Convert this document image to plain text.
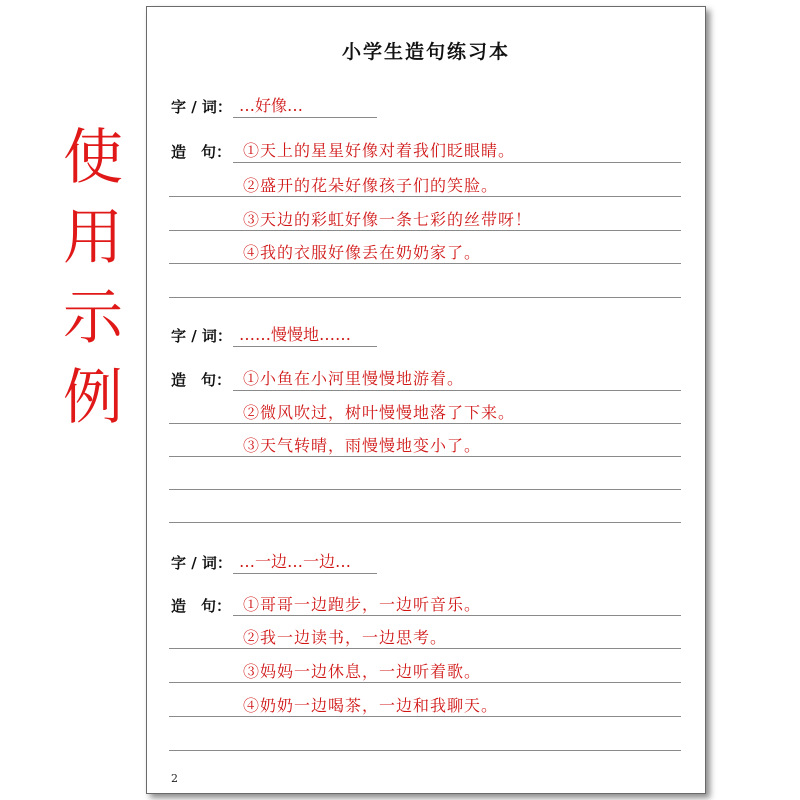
使
用
示
例
小学生造句练习本
字 / 词： …好像…
造　句： ①天上的星星好像对着我们眨眼睛。
②盛开的花朵好像孩子们的笑脸。
③天边的彩虹好像一条七彩的丝带呀！
④我的衣服好像丢在奶奶家了。
字 / 词： ……慢慢地……
造　句： ①小鱼在小河里慢慢地游着。
②微风吹过，树叶慢慢地落了下来。
③天气转晴，雨慢慢地变小了。
字 / 词： …一边…一边…
造　句： ①哥哥一边跑步，一边听音乐。
②我一边读书，一边思考。
③妈妈一边休息，一边听着歌。
④奶奶一边喝茶，一边和我聊天。
2
